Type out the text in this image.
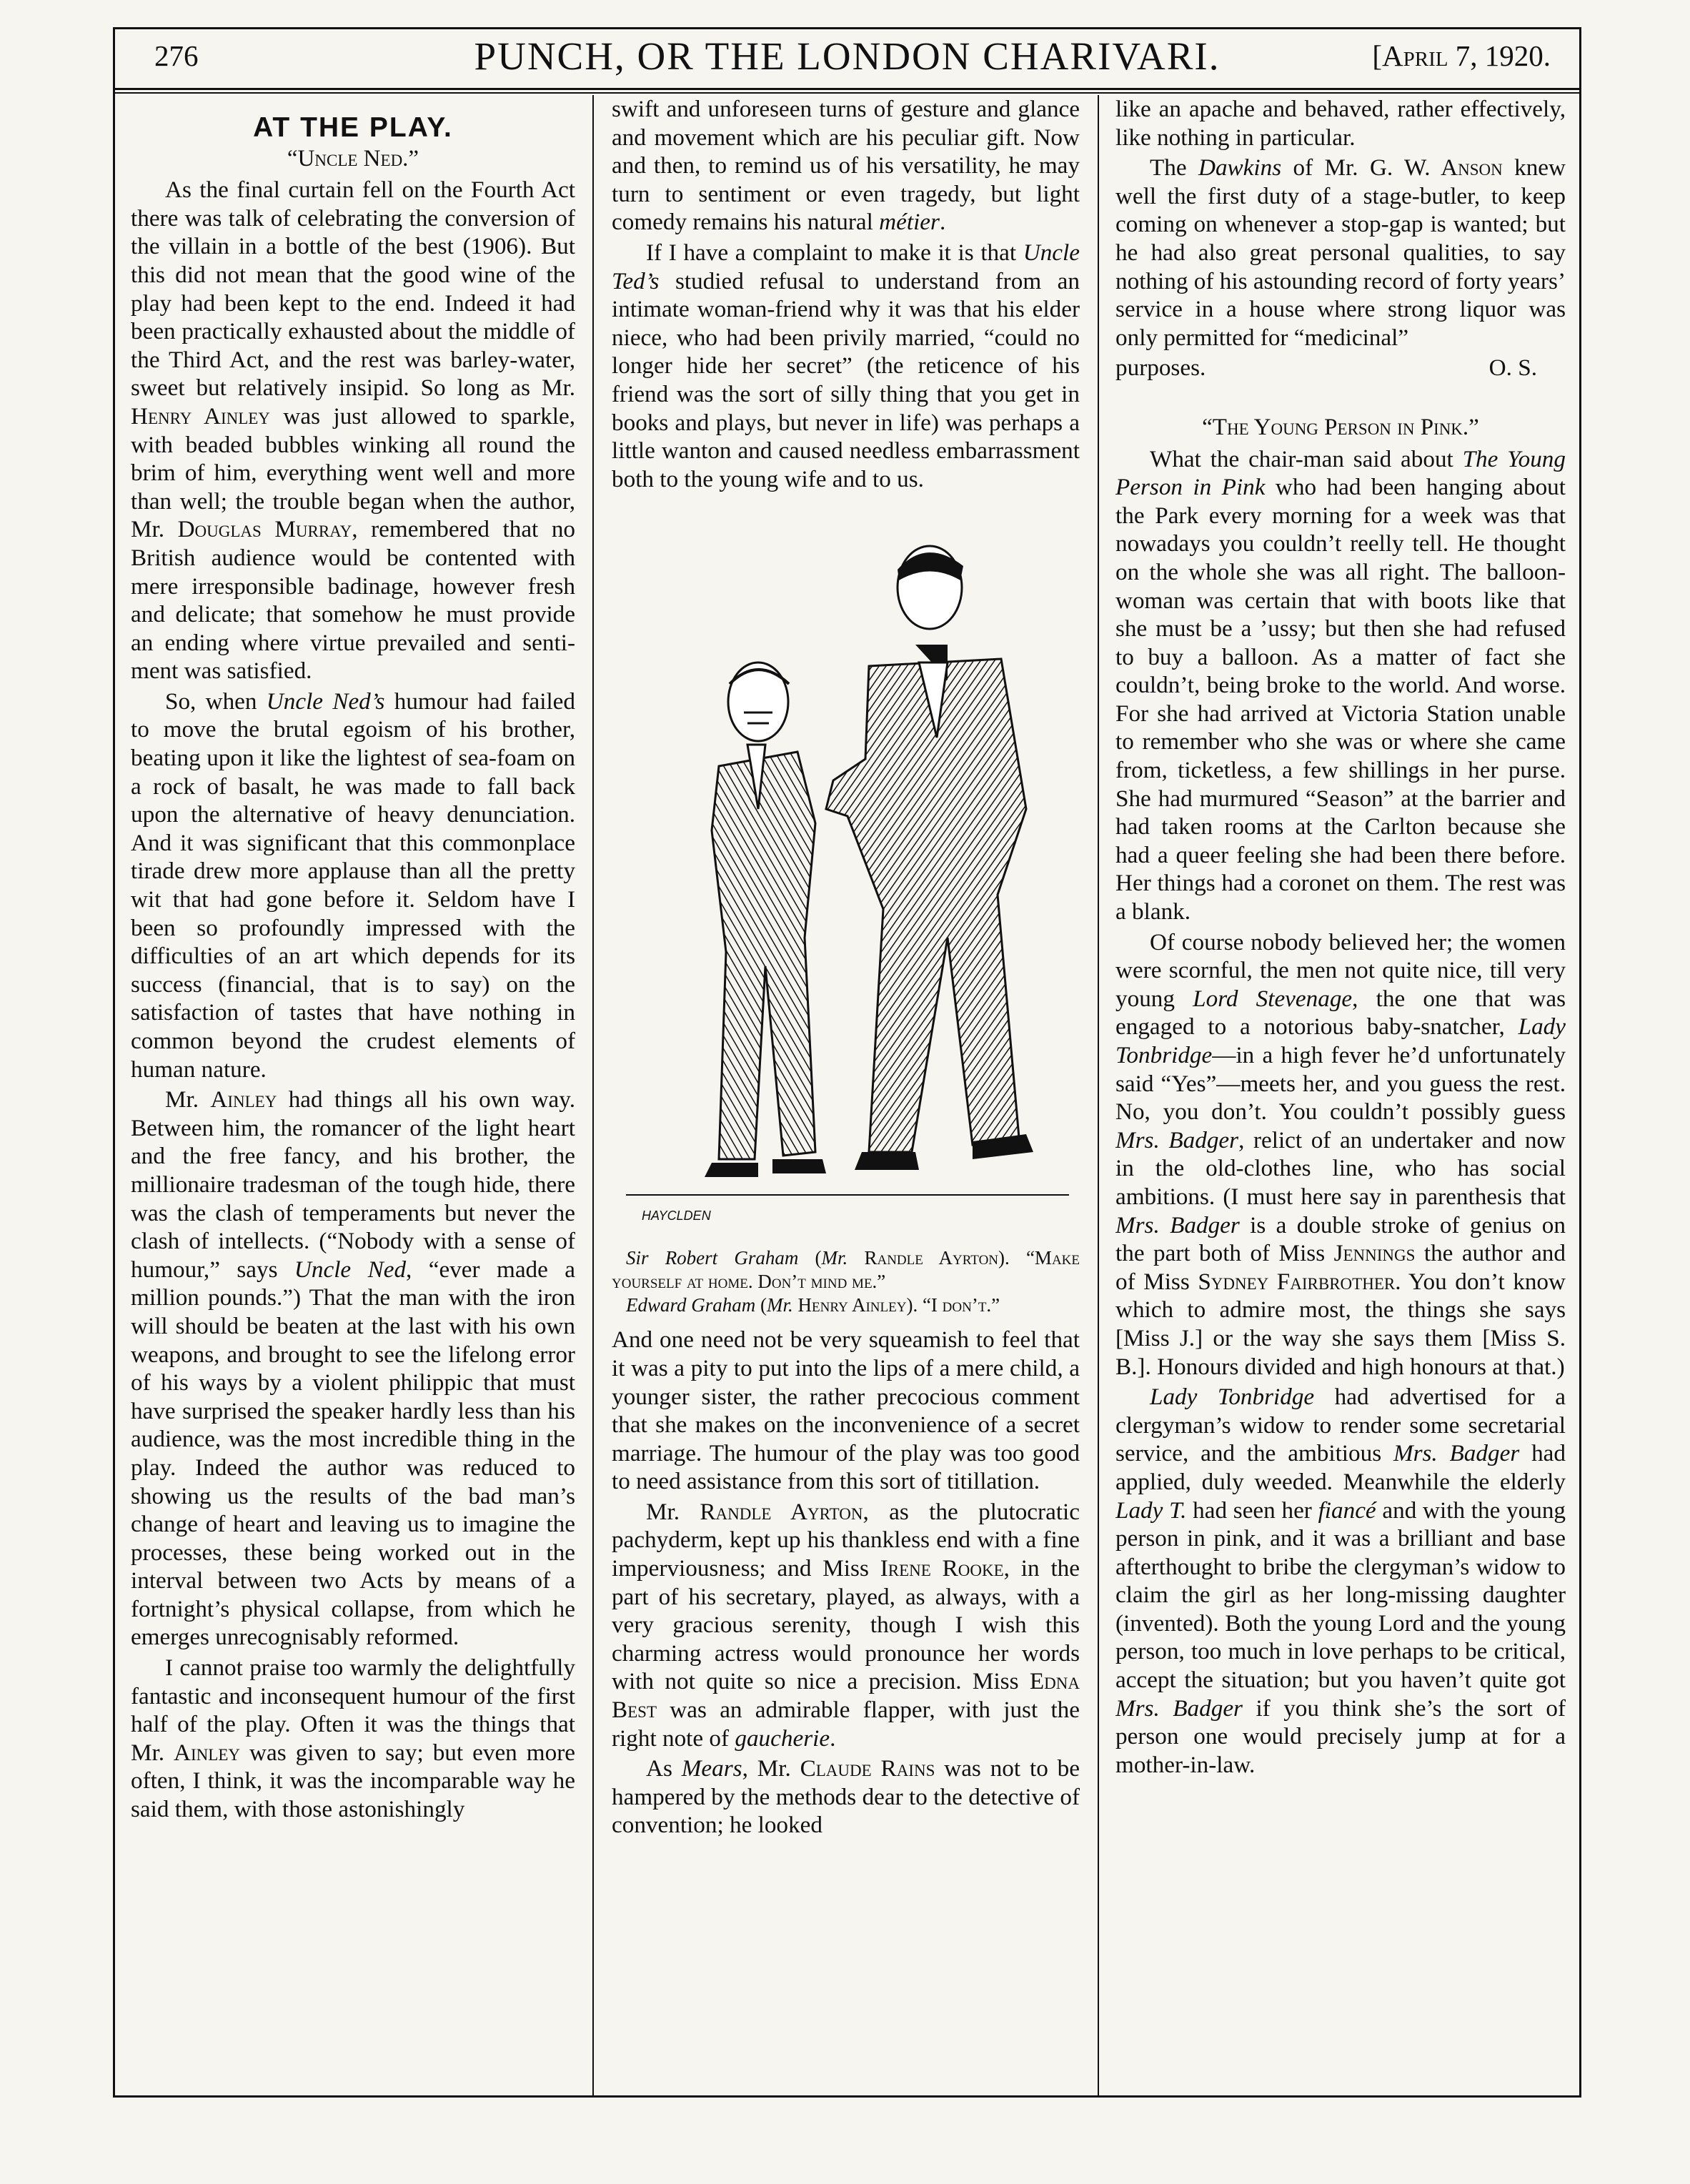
276	PUNCH, OR THE LONDON CHARIVARI.	[April 7, 1920.
AT THE PLAY.
“Uncle Ned.”

As the final curtain fell on the Fourth Act there was talk of celebrating the conversion of the villain in a bottle of the best (1906). But this did not mean that the good wine of the play had been kept to the end. Indeed it had been practically exhausted about the middle of the Third Act, and the rest was barley-water, sweet but relatively insipid. So long as Mr. Henry Ainley was just allowed to sparkle, with beaded bubbles winking all round the brim of him, everything went well and more than well; the trouble began when the author, Mr. Douglas Murray, remembered that no British audience would be contented with mere irresponsible badinage, however fresh and delicate; that somehow he must provide an ending where virtue prevailed and sentiment was satisfied.

So, when Uncle Ned’s humour had failed to move the brutal egoism of his brother, beating upon it like the lightest of sea-foam on a rock of basalt, he was made to fall back upon the alternative of heavy denunciation. And it was significant that this commonplace tirade drew more applause than all the pretty wit that had gone before it. Seldom have I been so profoundly impressed with the difficulties of an art which depends for its success (financial, that is to say) on the satisfaction of tastes that have nothing in common beyond the crudest elements of human nature.

Mr. Ainley had things all his own way. Between him, the romancer of the light heart and the free fancy, and his brother, the millionaire tradesman of the tough hide, there was the clash of temperaments but never the clash of intellects. (“Nobody with a sense of humour,” says Uncle Ned, “ever made a million pounds.”) That the man with the iron will should be beaten at the last with his own weapons, and brought to see the lifelong error of his ways by a violent philippic that must have surprised the speaker hardly less than his audience, was the most incredible thing in the play. Indeed the author was reduced to showing us the results of the bad man’s change of heart and leaving us to imagine the processes, these being worked out in the interval between two Acts by means of a fortnight’s physical collapse, from which he emerges unrecognisably reformed.

I cannot praise too warmly the delightfully fantastic and inconsequent humour of the first half of the play. Often it was the things that Mr. Ainley was given to say; but even more often, I think, it was the incomparable way he said them, with those astonishingly

swift and unforeseen turns of gesture and glance and movement which are his peculiar gift. Now and then, to remind us of his versatility, he may turn to sentiment or even tragedy, but light comedy remains his natural métier.

If I have a complaint to make it is that Uncle Ted’s studied refusal to understand from an intimate woman-friend why it was that his elder niece, who had been privily married, “could no longer hide her secret” (the reticence of his friend was the sort of silly thing that you get in books and plays, but never in life) was perhaps a little wanton and caused needless embarrassment both to the young wife and to us.

HAYCLDEN
Sir Robert Graham (Mr. Randle Ayrton). “Make yourself at home. Don’t mind me.”
Edward Graham (Mr. Henry Ainley). “I don’t.”

And one need not be very squeamish to feel that it was a pity to put into the lips of a mere child, a younger sister, the rather precocious comment that she makes on the inconvenience of a secret marriage. The humour of the play was too good to need assistance from this sort of titillation.

Mr. Randle Ayrton, as the plutocratic pachyderm, kept up his thankless end with a fine imperviousness; and Miss Irene Rooke, in the part of his secretary, played, as always, with a very gracious serenity, though I wish this charming actress would pronounce her words with not quite so nice a precision. Miss Edna Best was an admirable flapper, with just the right note of gaucherie.

As Mears, Mr. Claude Rains was not to be hampered by the methods dear to the detective of convention; he looked

like an apache and behaved, rather effectively, like nothing in particular.

The Dawkins of Mr. G. W. Anson knew well the first duty of a stage-butler, to keep coming on whenever a stop-gap is wanted; but he had also great personal qualities, to say nothing of his astounding record of forty years’ service in a house where strong liquor was only permitted for “medicinal”

purposes.	O. S.

“The Young Person in Pink.”

What the chair-man said about The Young Person in Pink who had been hanging about the Park every morning for a week was that nowadays you couldn’t reelly tell. He thought on the whole she was all right. The balloon-woman was certain that with boots like that she must be a ’ussy; but then she had refused to buy a balloon. As a matter of fact she couldn’t, being broke to the world. And worse. For she had arrived at Victoria Station unable to remember who she was or where she came from, ticketless, a few shillings in her purse. She had murmured “Season” at the barrier and had taken rooms at the Carlton because she had a queer feeling she had been there before. Her things had a coronet on them. The rest was a blank.

Of course nobody believed her; the women were scornful, the men not quite nice, till very young Lord Stevenage, the one that was engaged to a notorious baby-snatcher, Lady Tonbridge—in a high fever he’d unfortunately said “Yes”—meets her, and you guess the rest. No, you don’t. You couldn’t possibly guess Mrs. Badger, relict of an undertaker and now in the old-clothes line, who has social ambitions. (I must here say in parenthesis that Mrs. Badger is a double stroke of genius on the part both of Miss Jennings the author and of Miss Sydney Fairbrother. You don’t know which to admire most, the things she says [Miss J.] or the way she says them [Miss S. B.]. Honours divided and high honours at that.)

Lady Tonbridge had advertised for a clergyman’s widow to render some secretarial service, and the ambitious Mrs. Badger had applied, duly weeded. Meanwhile the elderly Lady T. had seen her fiancé and with the young person in pink, and it was a brilliant and base afterthought to bribe the clergyman’s widow to claim the girl as her long-missing daughter (invented). Both the young Lord and the young person, too much in love perhaps to be critical, accept the situation; but you haven’t quite got Mrs. Badger if you think she’s the sort of person one would precisely jump at for a mother-in-law.
